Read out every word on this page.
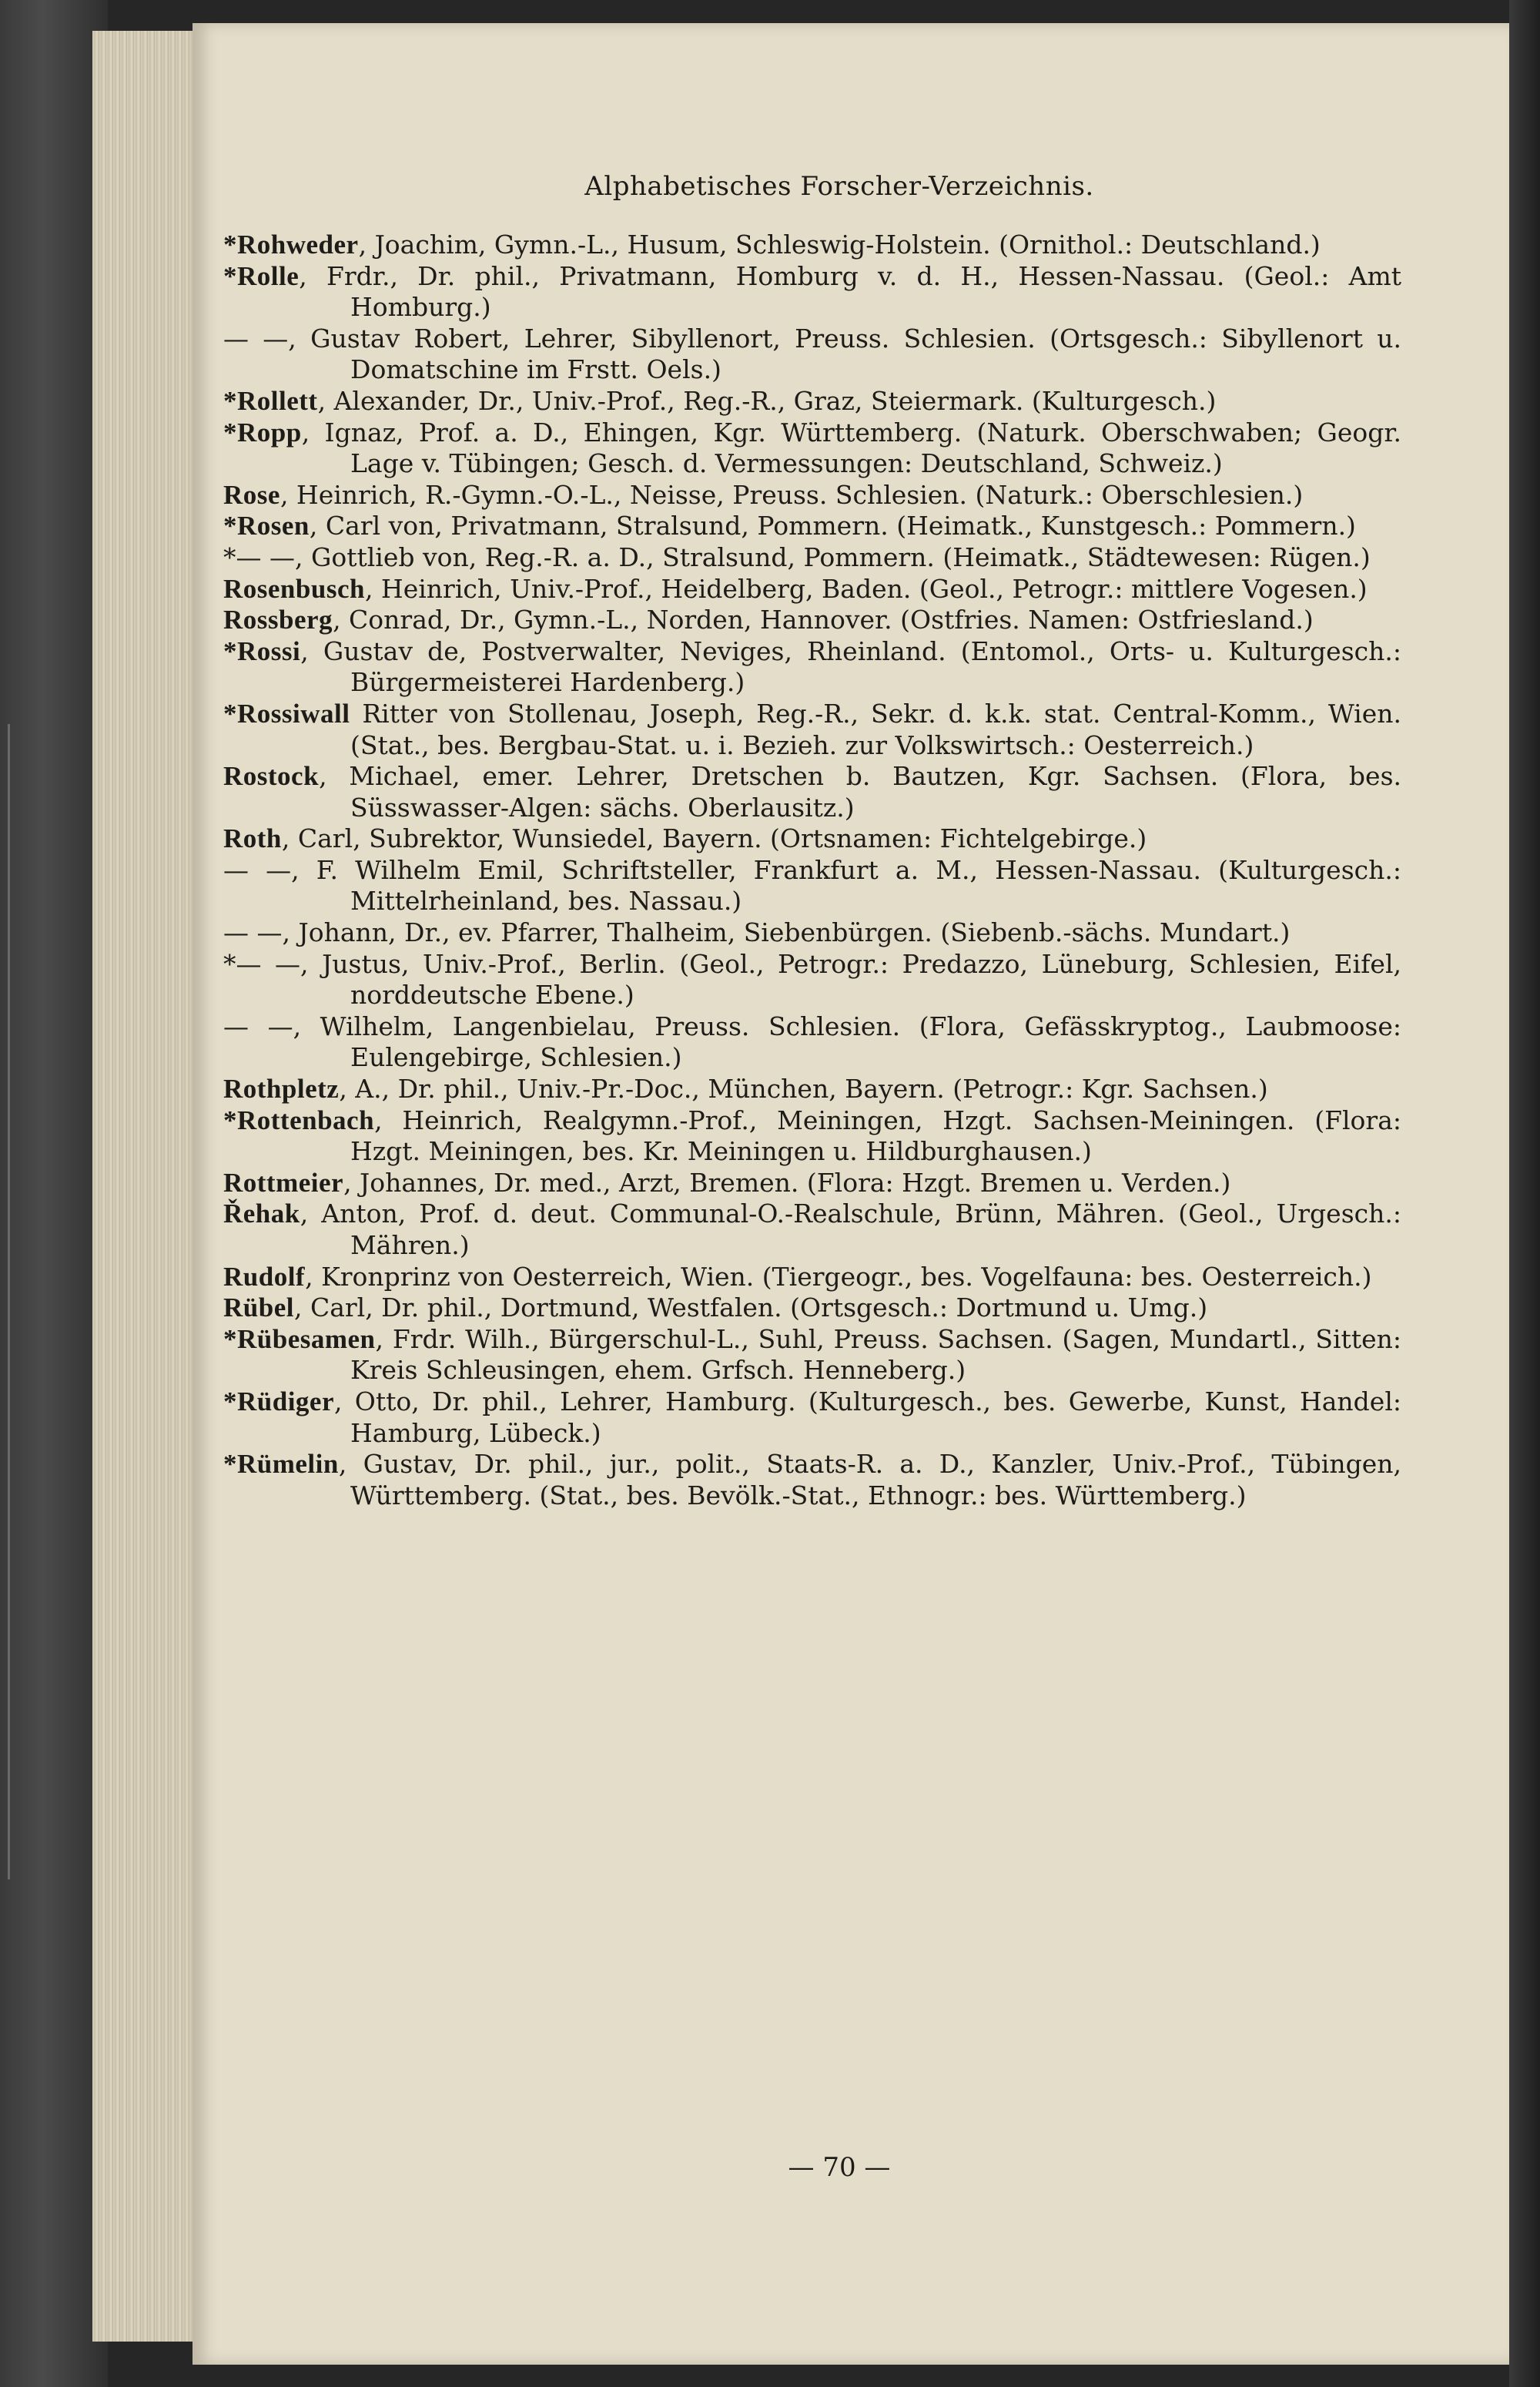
Alphabetisches Forscher-Verzeichnis.

*Rohweder, Joachim, Gymn.-L., Husum, Schleswig-Holstein. (Ornithol.: Deutschland.)

*Rolle, Frdr., Dr. phil., Privatmann, Homburg v. d. H., Hessen-Nassau. (Geol.: Amt Homburg.)

— —, Gustav Robert, Lehrer, Sibyllenort, Preuss. Schlesien. (Ortsgesch.: Sibyllenort u. Domatschine im Frstt. Oels.)

*Rollett, Alexander, Dr., Univ.-Prof., Reg.-R., Graz, Steiermark. (Kulturgesch.)

*Ropp, Ignaz, Prof. a. D., Ehingen, Kgr. Württemberg. (Naturk. Oberschwaben; Geogr. Lage v. Tübingen; Gesch. d. Vermessungen: Deutschland, Schweiz.)

Rose, Heinrich, R.-Gymn.-O.-L., Neisse, Preuss. Schlesien. (Naturk.: Oberschlesien.)

*Rosen, Carl von, Privatmann, Stralsund, Pommern. (Heimatk., Kunstgesch.: Pommern.)

*— —, Gottlieb von, Reg.-R. a. D., Stralsund, Pommern. (Heimatk., Städtewesen: Rügen.)

Rosenbusch, Heinrich, Univ.-Prof., Heidelberg, Baden. (Geol., Petrogr.: mittlere Vogesen.)

Rossberg, Conrad, Dr., Gymn.-L., Norden, Hannover. (Ostfries. Namen: Ostfriesland.)

*Rossi, Gustav de, Postverwalter, Neviges, Rheinland. (Entomol., Orts- u. Kulturgesch.: Bürgermeisterei Hardenberg.)

*Rossiwall Ritter von Stollenau, Joseph, Reg.-R., Sekr. d. k.k. stat. Central-Komm., Wien. (Stat., bes. Bergbau-Stat. u. i. Bezieh. zur Volkswirtsch.: Oesterreich.)

Rostock, Michael, emer. Lehrer, Dretschen b. Bautzen, Kgr. Sachsen. (Flora, bes. Süsswasser-Algen: sächs. Oberlausitz.)

Roth, Carl, Subrektor, Wunsiedel, Bayern. (Ortsnamen: Fichtelgebirge.)

— —, F. Wilhelm Emil, Schriftsteller, Frankfurt a. M., Hessen-Nassau. (Kulturgesch.: Mittelrheinland, bes. Nassau.)

— —, Johann, Dr., ev. Pfarrer, Thalheim, Siebenbürgen. (Siebenb.-sächs. Mundart.)

*— —, Justus, Univ.-Prof., Berlin. (Geol., Petrogr.: Predazzo, Lüneburg, Schlesien, Eifel, norddeutsche Ebene.)

— —, Wilhelm, Langenbielau, Preuss. Schlesien. (Flora, Gefässkryptog., Laubmoose: Eulengebirge, Schlesien.)

Rothpletz, A., Dr. phil., Univ.-Pr.-Doc., München, Bayern. (Petrogr.: Kgr. Sachsen.)

*Rottenbach, Heinrich, Realgymn.-Prof., Meiningen, Hzgt. Sachsen-Meiningen. (Flora: Hzgt. Meiningen, bes. Kr. Meiningen u. Hildburghausen.)

Rottmeier, Johannes, Dr. med., Arzt, Bremen. (Flora: Hzgt. Bremen u. Verden.)

Řehak, Anton, Prof. d. deut. Communal-O.-Realschule, Brünn, Mähren. (Geol., Urgesch.: Mähren.)

Rudolf, Kronprinz von Oesterreich, Wien. (Tiergeogr., bes. Vogelfauna: bes. Oesterreich.)

Rübel, Carl, Dr. phil., Dortmund, Westfalen. (Ortsgesch.: Dortmund u. Umg.)

*Rübesamen, Frdr. Wilh., Bürgerschul-L., Suhl, Preuss. Sachsen. (Sagen, Mundartl., Sitten: Kreis Schleusingen, ehem. Grfsch. Henneberg.)

*Rüdiger, Otto, Dr. phil., Lehrer, Hamburg. (Kulturgesch., bes. Gewerbe, Kunst, Handel: Hamburg, Lübeck.)

*Rümelin, Gustav, Dr. phil., jur., polit., Staats-R. a. D., Kanzler, Univ.-Prof., Tübingen, Württemberg. (Stat., bes. Bevölk.-Stat., Ethnogr.: bes. Württemberg.)

— 70 —
